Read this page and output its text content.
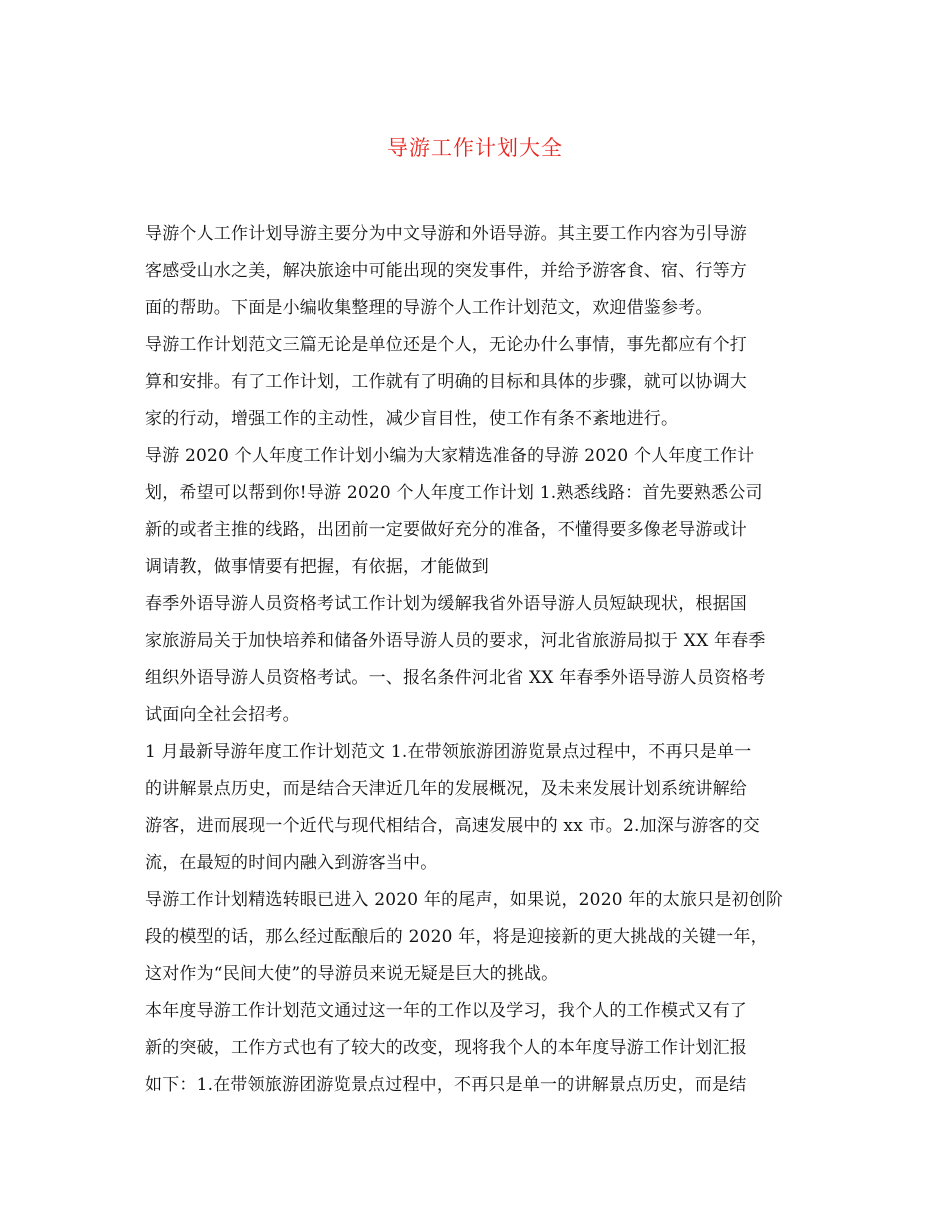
导游工作计划大全
导游个人工作计划导游主要分为中文导游和外语导游。其主要工作内容为引导游
客感受山水之美，解决旅途中可能出现的突发事件，并给予游客食、宿、行等方
面的帮助。下面是小编收集整理的导游个人工作计划范文，欢迎借鉴参考。
导游工作计划范文三篇无论是单位还是个人，无论办什么事情，事先都应有个打
算和安排。有了工作计划，工作就有了明确的目标和具体的步骤，就可以协调大
家的行动，增强工作的主动性，减少盲目性，使工作有条不紊地进行。
导游 2020 个人年度工作计划小编为大家精选准备的导游 2020 个人年度工作计
划，希望可以帮到你!导游 2020 个人年度工作计划 1.熟悉线路：首先要熟悉公司
新的或者主推的线路，出团前一定要做好充分的准备，不懂得要多像老导游或计
调请教，做事情要有把握，有依据，才能做到
春季外语导游人员资格考试工作计划为缓解我省外语导游人员短缺现状，根据国
家旅游局关于加快培养和储备外语导游人员的要求，河北省旅游局拟于 XX 年春季
组织外语导游人员资格考试。一、报名条件河北省 XX 年春季外语导游人员资格考
试面向全社会招考。
1 月最新导游年度工作计划范文 1.在带领旅游团游览景点过程中，不再只是单一
的讲解景点历史，而是结合天津近几年的发展概况，及未来发展计划系统讲解给
游客，进而展现一个近代与现代相结合，高速发展中的 xx 市。2.加深与游客的交
流，在最短的时间内融入到游客当中。
导游工作计划精选转眼已进入 2020 年的尾声，如果说，2020 年的太旅只是初创阶
段的模型的话，那么经过酝酿后的 2020 年，将是迎接新的更大挑战的关键一年，
这对作为“民间大使”的导游员来说无疑是巨大的挑战。
本年度导游工作计划范文通过这一年的工作以及学习，我个人的工作模式又有了
新的突破，工作方式也有了较大的改变，现将我个人的本年度导游工作计划汇报
如下：1.在带领旅游团游览景点过程中，不再只是单一的讲解景点历史，而是结
